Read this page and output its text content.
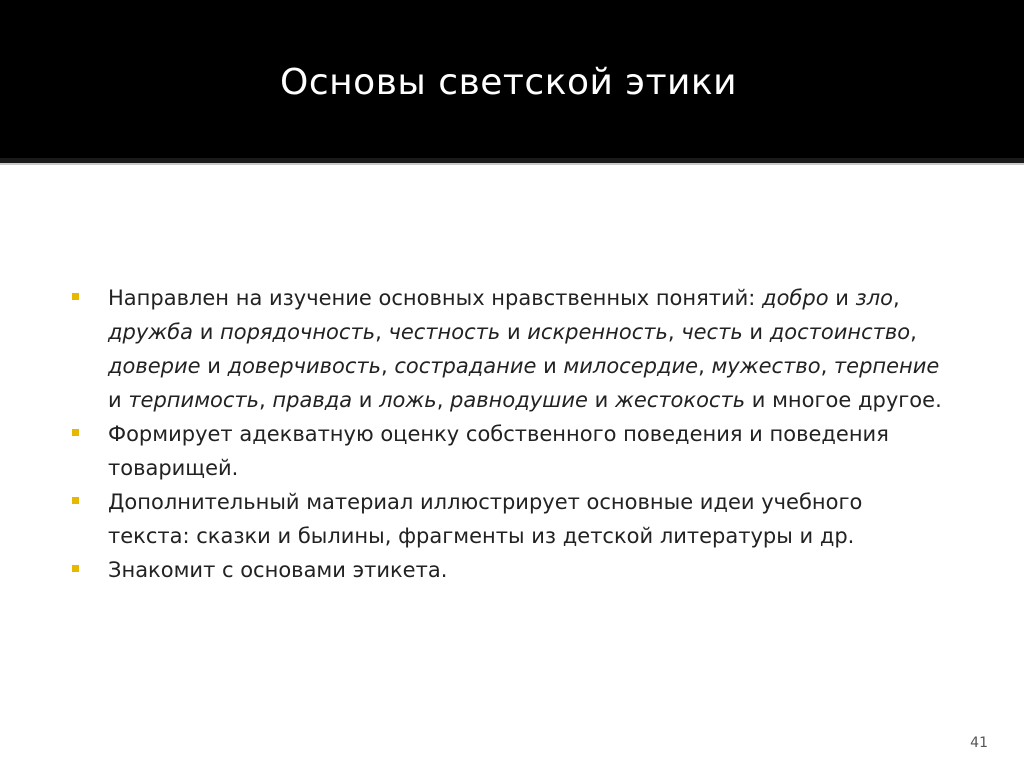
Основы светской этики
Направлен на изучение основных нравственных понятий: добро и зло, дружба и порядочность, честность и искренность, честь и достоинство, доверие и доверчивость, сострадание и милосердие, мужество, терпение и терпимость, правда и ложь, равнодушие и жестокость и многое другое.
Формирует адекватную оценку собственного поведения и поведения товарищей.
Дополнительный материал иллюстрирует основные идеи учебного текста: сказки и былины, фрагменты из детской литературы и др.
Знакомит с основами этикета.
41
